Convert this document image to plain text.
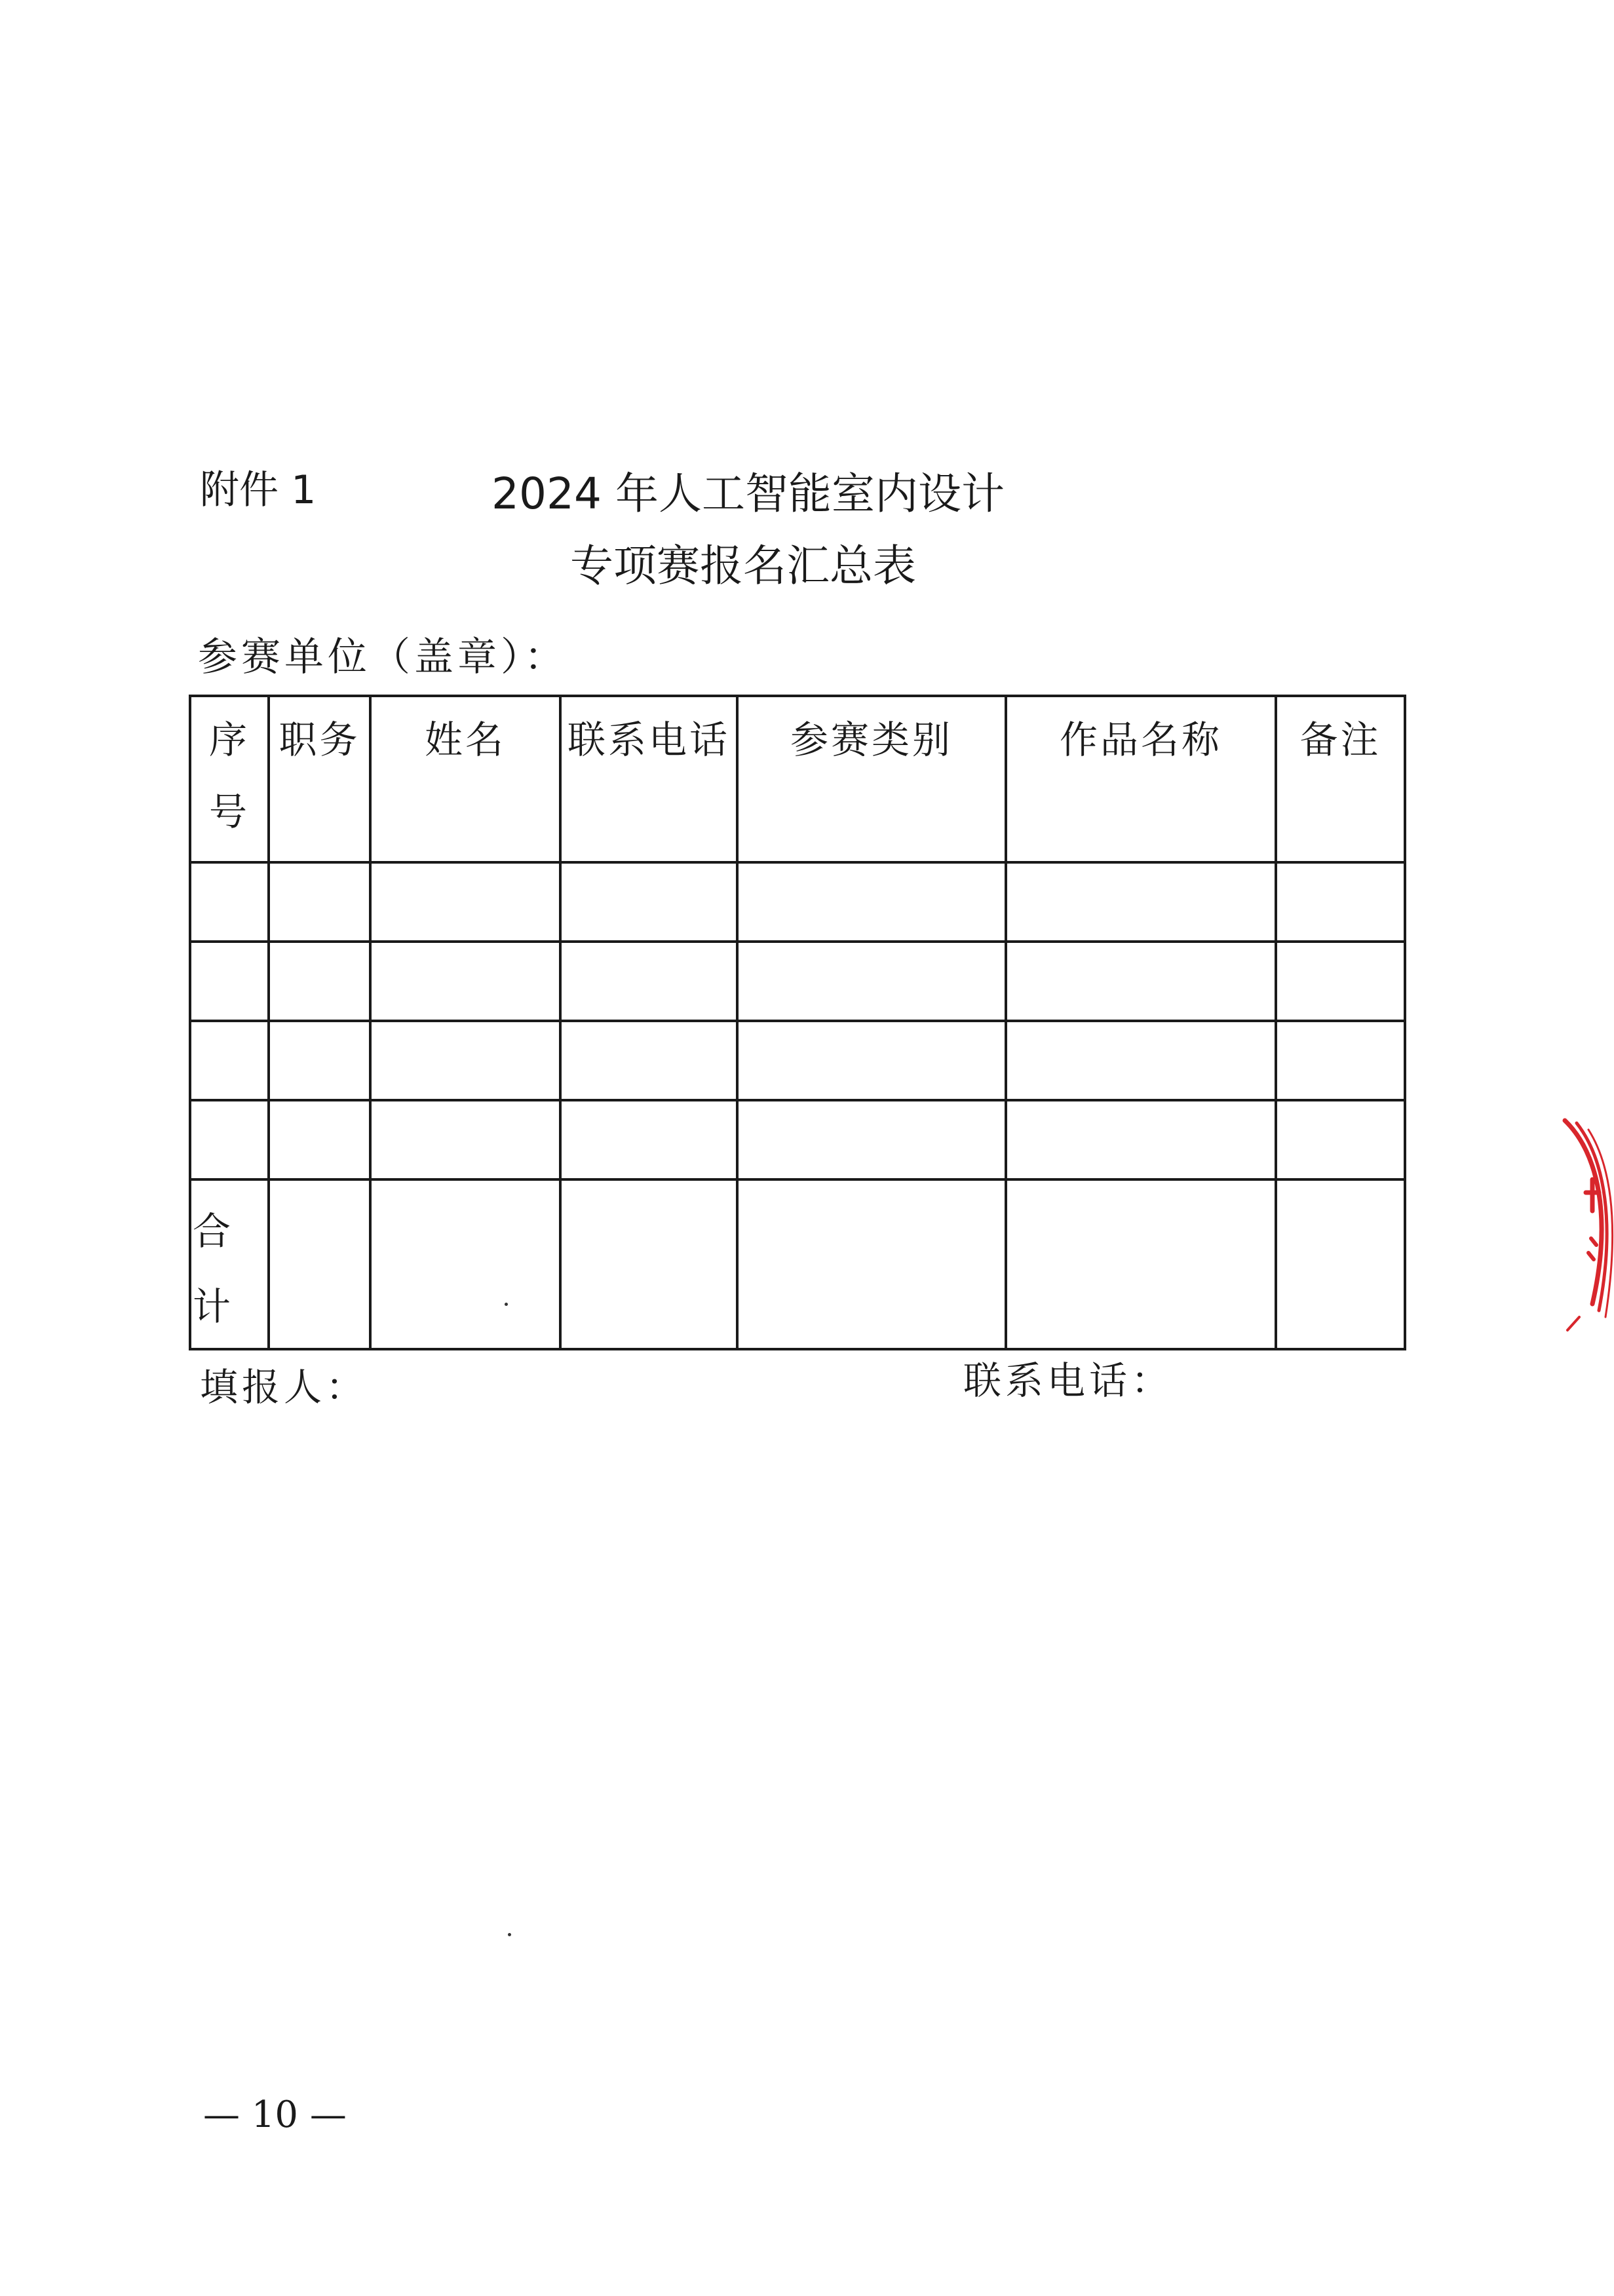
附件 1	2024 年人工智能室内设计
专项赛报名汇总表
参赛单位（盖章）：
序
号	职务	姓名	联系电话	参赛类别	作品名称	备注

合
计						

填报人：	联系电话：
— 10 —
